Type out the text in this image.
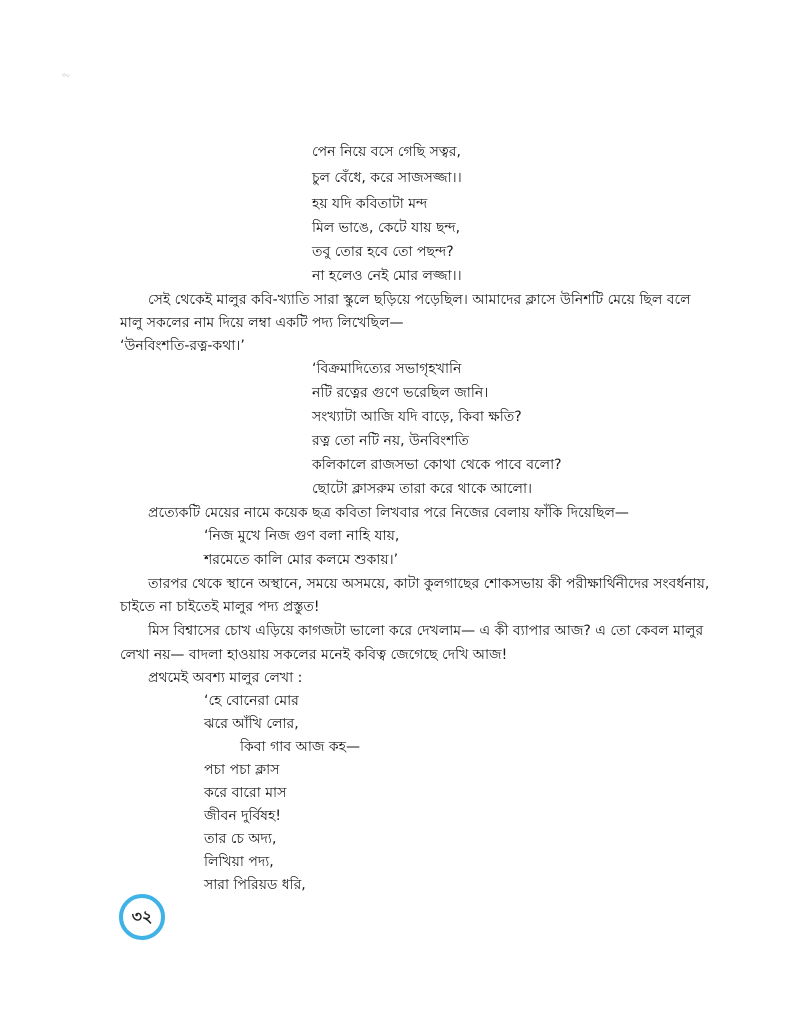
৩০
পেন নিয়ে বসে গেছি সত্বর,
চুল বেঁধে, করে সাজসজ্জা।।
হয় যদি কবিতাটা মন্দ
মিল ভাঙে, কেটে যায় ছন্দ,
তবু তোর হবে তো পছন্দ?
না হলেও নেই মোর লজ্জা।।
সেই থেকেই মালুর কবি-খ্যাতি সারা স্কুলে ছড়িয়ে পড়েছিল। আমাদের ক্লাসে উনিশটি মেয়ে ছিল বলে
মালু সকলের নাম দিয়ে লম্বা একটি পদ্য লিখেছিল—
‘উনবিংশতি-রত্ন-কথা।’
‘বিক্রমাদিত্যের সভাগৃহখানি
নটি রত্নের গুণে ভরেছিল জানি।
সংখ্যাটা আজি যদি বাড়ে, কিবা ক্ষতি?
রত্ন তো নটি নয়, উনবিংশতি
কলিকালে রাজসভা কোথা থেকে পাবে বলো?
ছোটো ক্লাসরুম তারা করে থাকে আলো।
প্রত্যেকটি মেয়ের নামে কয়েক ছত্র কবিতা লিখবার পরে নিজের বেলায় ফাঁকি দিয়েছিল—
‘নিজ মুখে নিজ গুণ বলা নাহি যায়,
শরমেতে কালি মোর কলমে শুকায়।’
তারপর থেকে স্থানে অস্থানে, সময়ে অসময়ে, কাটা কুলগাছের শোকসভায় কী পরীক্ষার্থিনীদের সংবর্ধনায়,
চাইতে না চাইতেই মালুর পদ্য প্রস্তুত!
মিস বিশ্বাসের চোখ এড়িয়ে কাগজটা ভালো করে দেখলাম— এ কী ব্যাপার আজ? এ তো কেবল মালুর
লেখা নয়— বাদলা হাওয়ায় সকলের মনেই কবিত্ব জেগেছে দেখি আজ!
প্রথমেই অবশ্য মালুর লেখা :
‘হে বোনেরা মোর
ঝরে আঁখি লোর,
কিবা গাব আজ কহ—
পচা পচা ক্লাস
করে বারো মাস
জীবন দুর্বিষহ!
তার চে অদ্য,
লিখিয়া পদ্য,
সারা পিরিয়ড ধরি,
৩২
